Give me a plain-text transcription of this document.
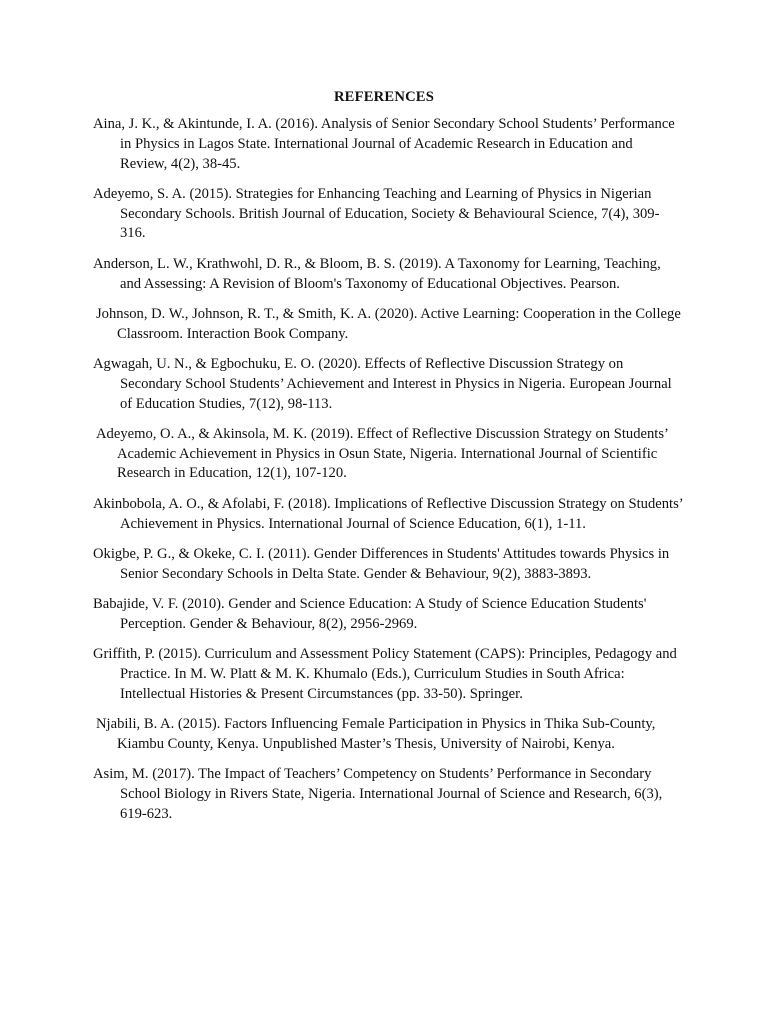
REFERENCES

Aina, J. K., & Akintunde, I. A. (2016). Analysis of Senior Secondary School Students’ Performance in Physics in Lagos State. International Journal of Academic Research in Education and Review, 4(2), 38-45.

Adeyemo, S. A. (2015). Strategies for Enhancing Teaching and Learning of Physics in Nigerian Secondary Schools. British Journal of Education, Society & Behavioural Science, 7(4), 309-316.

Anderson, L. W., Krathwohl, D. R., & Bloom, B. S. (2019). A Taxonomy for Learning, Teaching, and Assessing: A Revision of Bloom's Taxonomy of Educational Objectives. Pearson.

Johnson, D. W., Johnson, R. T., & Smith, K. A. (2020). Active Learning: Cooperation in the College Classroom. Interaction Book Company.

Agwagah, U. N., & Egbochuku, E. O. (2020). Effects of Reflective Discussion Strategy on Secondary School Students’ Achievement and Interest in Physics in Nigeria. European Journal of Education Studies, 7(12), 98-113.

Adeyemo, O. A., & Akinsola, M. K. (2019). Effect of Reflective Discussion Strategy on Students’ Academic Achievement in Physics in Osun State, Nigeria. International Journal of Scientific Research in Education, 12(1), 107-120.

Akinbobola, A. O., & Afolabi, F. (2018). Implications of Reflective Discussion Strategy on Students’ Achievement in Physics. International Journal of Science Education, 6(1), 1-11.

Okigbe, P. G., & Okeke, C. I. (2011). Gender Differences in Students' Attitudes towards Physics in Senior Secondary Schools in Delta State. Gender & Behaviour, 9(2), 3883-3893.

Babajide, V. F. (2010). Gender and Science Education: A Study of Science Education Students' Perception. Gender & Behaviour, 8(2), 2956-2969.

Griffith, P. (2015). Curriculum and Assessment Policy Statement (CAPS): Principles, Pedagogy and Practice. In M. W. Platt & M. K. Khumalo (Eds.), Curriculum Studies in South Africa: Intellectual Histories & Present Circumstances (pp. 33-50). Springer.

Njabili, B. A. (2015). Factors Influencing Female Participation in Physics in Thika Sub-County, Kiambu County, Kenya. Unpublished Master’s Thesis, University of Nairobi, Kenya.

Asim, M. (2017). The Impact of Teachers’ Competency on Students’ Performance in Secondary School Biology in Rivers State, Nigeria. International Journal of Science and Research, 6(3), 619-623.
